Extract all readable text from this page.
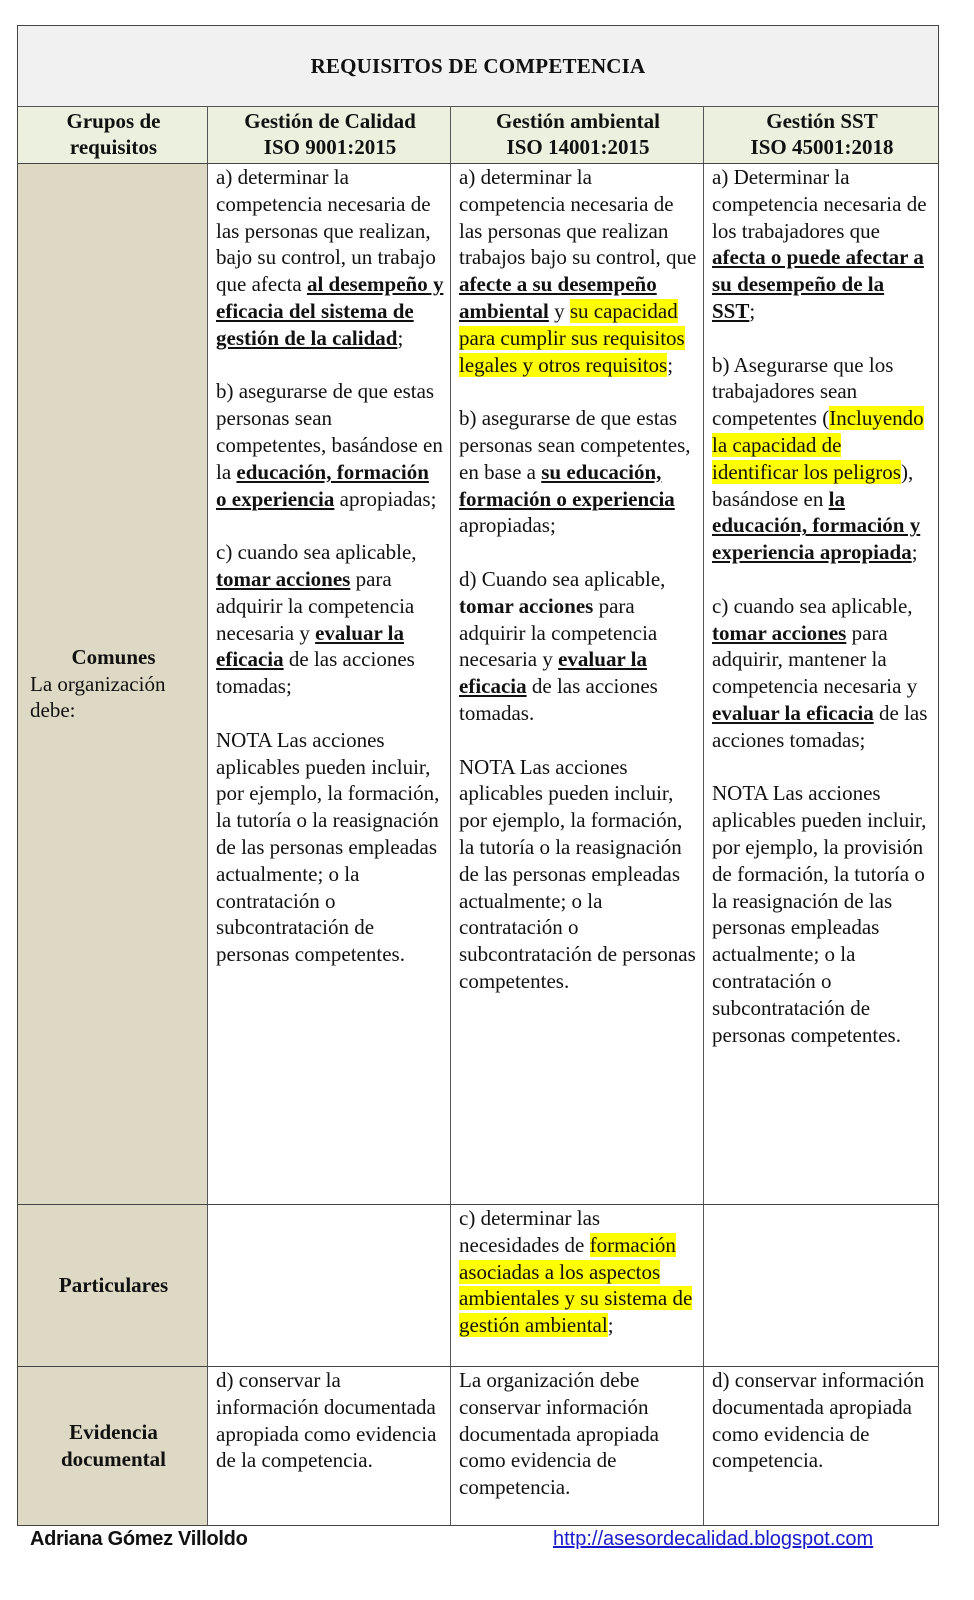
REQUISITOS DE COMPETENCIA
Grupos de
requisitos
Gestión de Calidad
ISO 9001:2015
Gestión ambiental
ISO 14001:2015
Gestión SST
ISO 45001:2018
Comunes
La organización debe:

a) determinar la competencia necesaria de las personas que realizan, bajo su control, un trabajo que afecta al desempeño y eficacia del sistema de gestión de la calidad;

b) asegurarse de que estas personas sean competentes, basándose en la educación, formación o experiencia apropiadas;

c) cuando sea aplicable, tomar acciones para adquirir la competencia necesaria y evaluar la eficacia de las acciones tomadas;

NOTA Las acciones aplicables pueden incluir, por ejemplo, la formación, la tutoría o la reasignación de las personas empleadas actualmente; o la contratación o subcontratación de personas competentes.

a) determinar la competencia necesaria de las personas que realizan trabajos bajo su control, que afecte a su desempeño ambiental y su capacidad para cumplir sus requisitos legales y otros requisitos;

b) asegurarse de que estas personas sean competentes, en base a su educación, formación o experiencia apropiadas;

d) Cuando sea aplicable, tomar acciones para adquirir la competencia necesaria y evaluar la eficacia de las acciones tomadas.

NOTA Las acciones aplicables pueden incluir, por ejemplo, la formación, la tutoría o la reasignación de las personas empleadas actualmente; o la contratación o subcontratación de personas competentes.

a) Determinar la competencia necesaria de los trabajadores que afecta o puede afectar a su desempeño de la SST;

b) Asegurarse que los trabajadores sean competentes (Incluyendo la capacidad de identificar los peligros), basándose en la educación, formación y experiencia apropiada;

c) cuando sea aplicable, tomar acciones para adquirir, mantener la competencia necesaria y evaluar la eficacia de las acciones tomadas;

NOTA Las acciones aplicables pueden incluir, por ejemplo, la provisión de formación, la tutoría o la reasignación de las personas empleadas actualmente; o la contratación o subcontratación de personas competentes.

Particulares

c) determinar las necesidades de formación asociadas a los aspectos ambientales y su sistema de gestión ambiental;

Evidencia documental
d) conservar la información documentada apropiada como evidencia de la competencia.
La organización debe conservar información documentada apropiada como evidencia de competencia.
d) conservar información documentada apropiada como evidencia de competencia.
Adriana Gómez Villoldo	http://asesordecalidad.blogspot.com
